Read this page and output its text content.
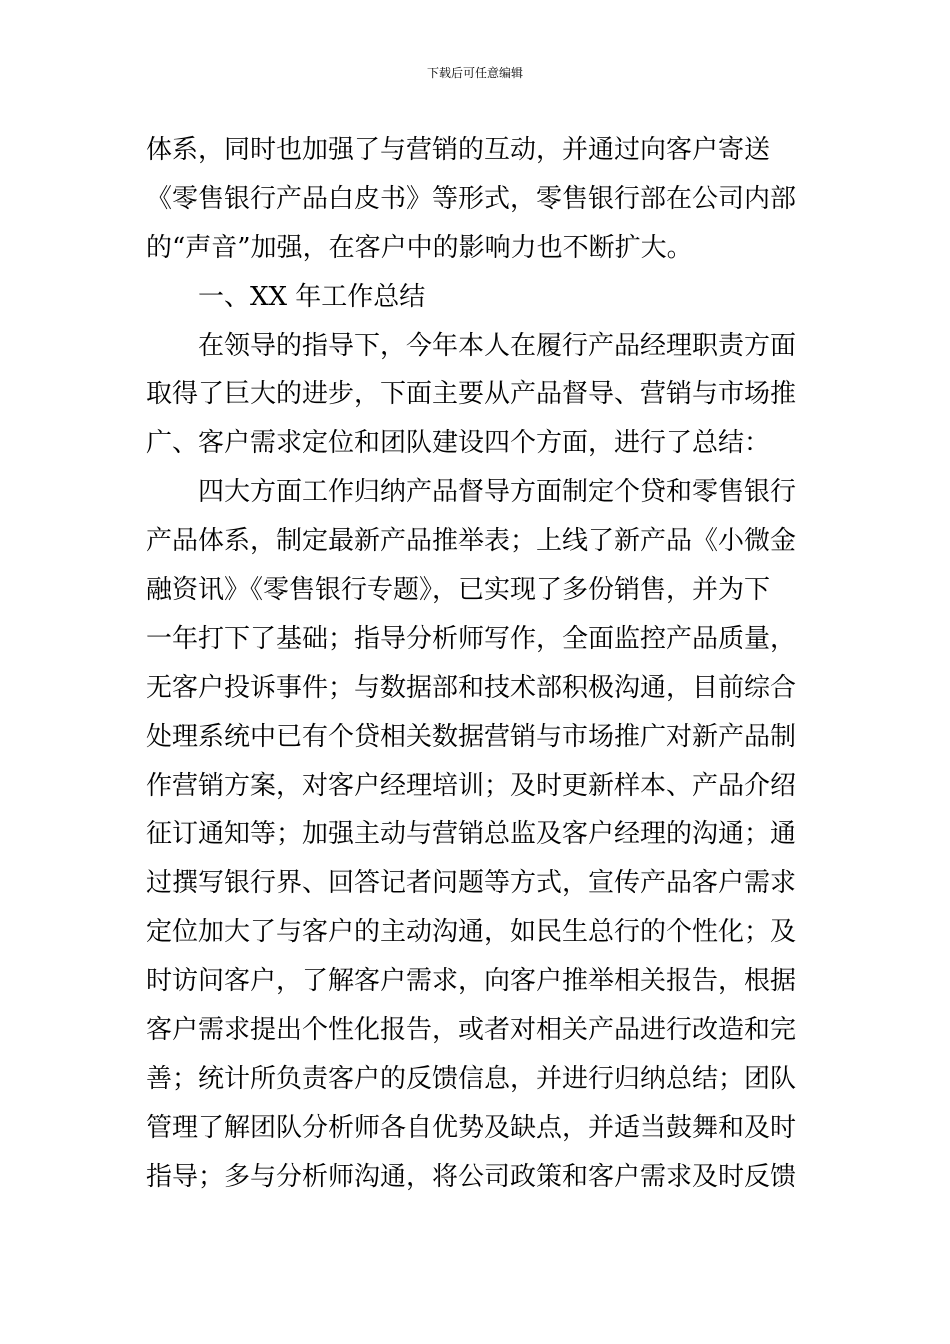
下载后可任意编辑
体系，同时也加强了与营销的互动，并通过向客户寄送
《零售银行产品白皮书》等形式，零售银行部在公司内部
的“声音”加强，在客户中的影响力也不断扩大。
一、XX 年工作总结
在领导的指导下，今年本人在履行产品经理职责方面
取得了巨大的进步，下面主要从产品督导、营销与市场推
广、客户需求定位和团队建设四个方面，进行了总结：
四大方面工作归纳产品督导方面制定个贷和零售银行
产品体系，制定最新产品推举表；上线了新产品《小微金
融资讯》《零售银行专题》，已实现了多份销售，并为下
一年打下了基础；指导分析师写作，全面监控产品质量，
无客户投诉事件；与数据部和技术部积极沟通，目前综合
处理系统中已有个贷相关数据营销与市场推广对新产品制
作营销方案，对客户经理培训；及时更新样本、产品介绍
征订通知等；加强主动与营销总监及客户经理的沟通；通
过撰写银行界、回答记者问题等方式，宣传产品客户需求
定位加大了与客户的主动沟通，如民生总行的个性化；及
时访问客户，了解客户需求，向客户推举相关报告，根据
客户需求提出个性化报告，或者对相关产品进行改造和完
善；统计所负责客户的反馈信息，并进行归纳总结；团队
管理了解团队分析师各自优势及缺点，并适当鼓舞和及时
指导；多与分析师沟通，将公司政策和客户需求及时反馈
